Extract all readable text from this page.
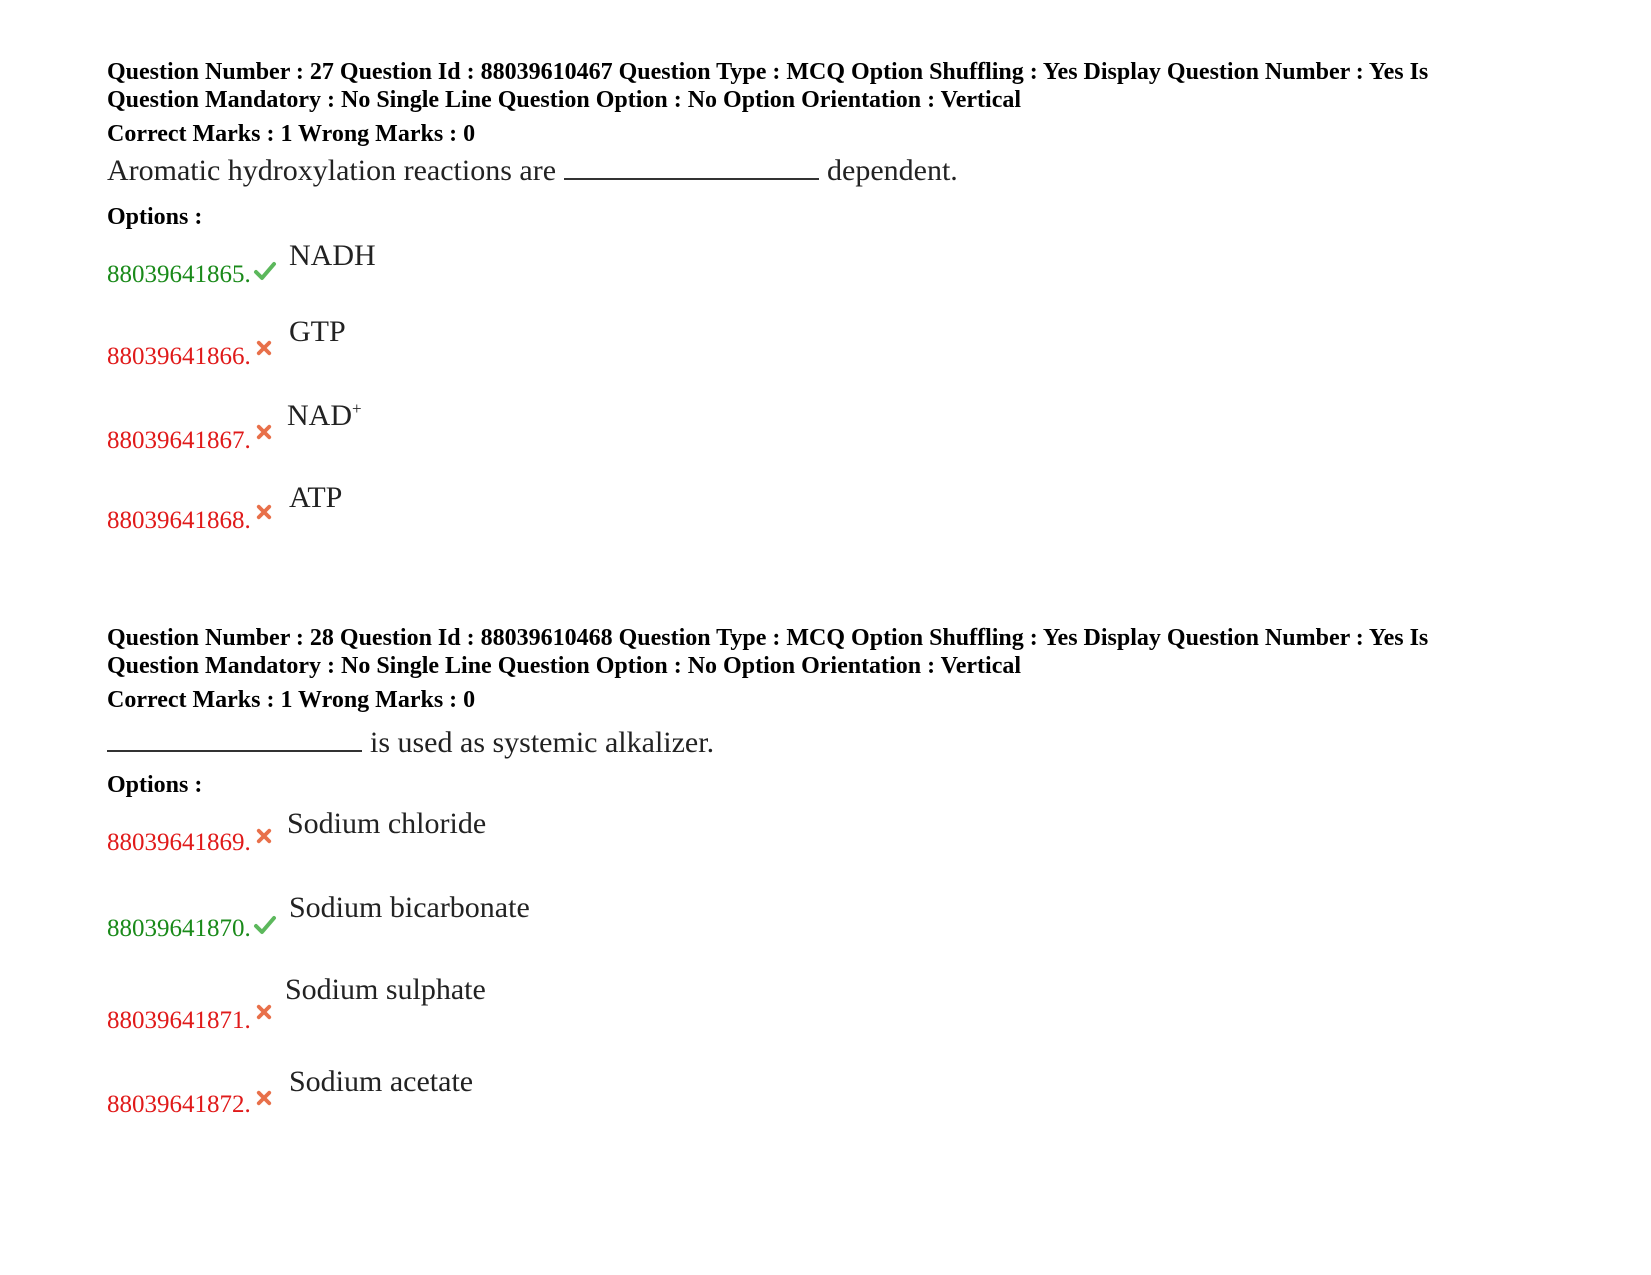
Question Number : 27 Question Id : 88039610467 Question Type : MCQ Option Shuffling : Yes Display Question Number : Yes Is

Question Mandatory : No Single Line Question Option : No Option Orientation : Vertical

Correct Marks : 1 Wrong Marks : 0
Aromatic hydroxylation reactions are	dependent.
Options :
88039641865.
NADH
88039641866.
GTP
88039641867.
NAD+
88039641868.
ATP

Question Number : 28 Question Id : 88039610468 Question Type : MCQ Option Shuffling : Yes Display Question Number : Yes Is

Question Mandatory : No Single Line Question Option : No Option Orientation : Vertical

Correct Marks : 1 Wrong Marks : 0
is used as systemic alkalizer.
Options :
88039641869.
Sodium chloride
88039641870.
Sodium bicarbonate
88039641871.
Sodium sulphate
88039641872.
Sodium acetate
